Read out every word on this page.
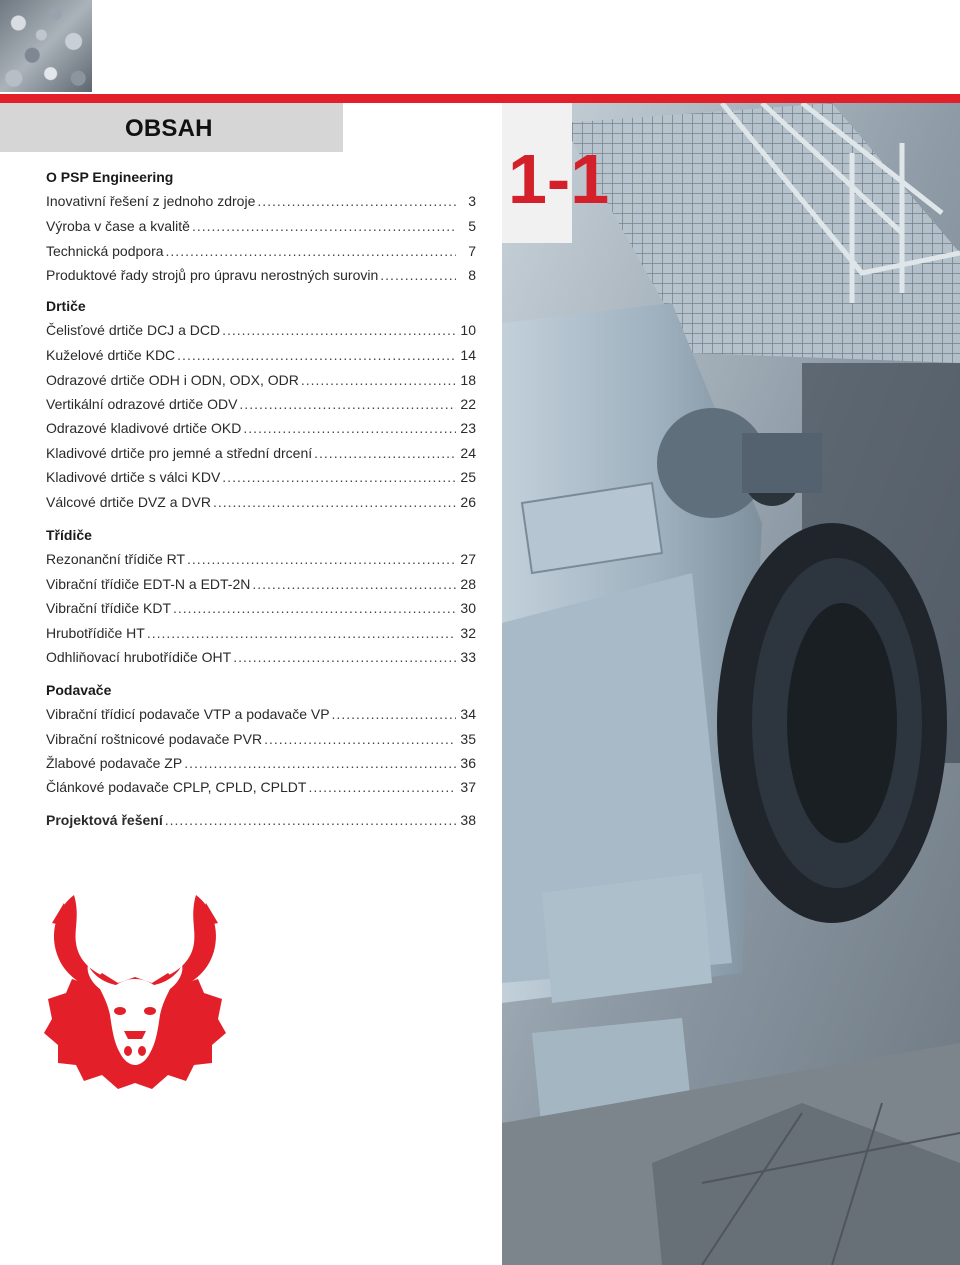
OBSAH
O PSP Engineering
Inovativní řešení z jednoho zdroje .....	3
Výroba v čase a kvalitě .....	5
Technická podpora .....	7
Produktové řady strojů pro úpravu nerostných surovin .....	8
Drtiče
Čelisťové drtiče DCJ a DCD .....	10
Kuželové drtiče KDC .....	14
Odrazové drtiče ODH i ODN, ODX, ODR .....	18
Vertikální odrazové drtiče ODV .....	22
Odrazové kladivové drtiče OKD .....	23
Kladivové drtiče pro jemné a střední drcení .....	24
Kladivové drtiče s válci KDV .....	25
Válcové drtiče DVZ a DVR .....	26
Třídiče
Rezonanční třídiče RT .....	27
Vibrační třídiče EDT-N a EDT-2N .....	28
Vibrační třídiče KDT .....	30
Hrubotřídiče HT .....	32
Odhliňovací hrubotřídiče OHT .....	33
Podavače
Vibrační třídicí podavače VTP a podavače VP .....	34
Vibrační roštnicové podavače PVR .....	35
Žlabové podavače ZP .....	36
Článkové podavače CPLP, CPLD, CPLDT .....	37
Projektová řešení .....	38
1-1
